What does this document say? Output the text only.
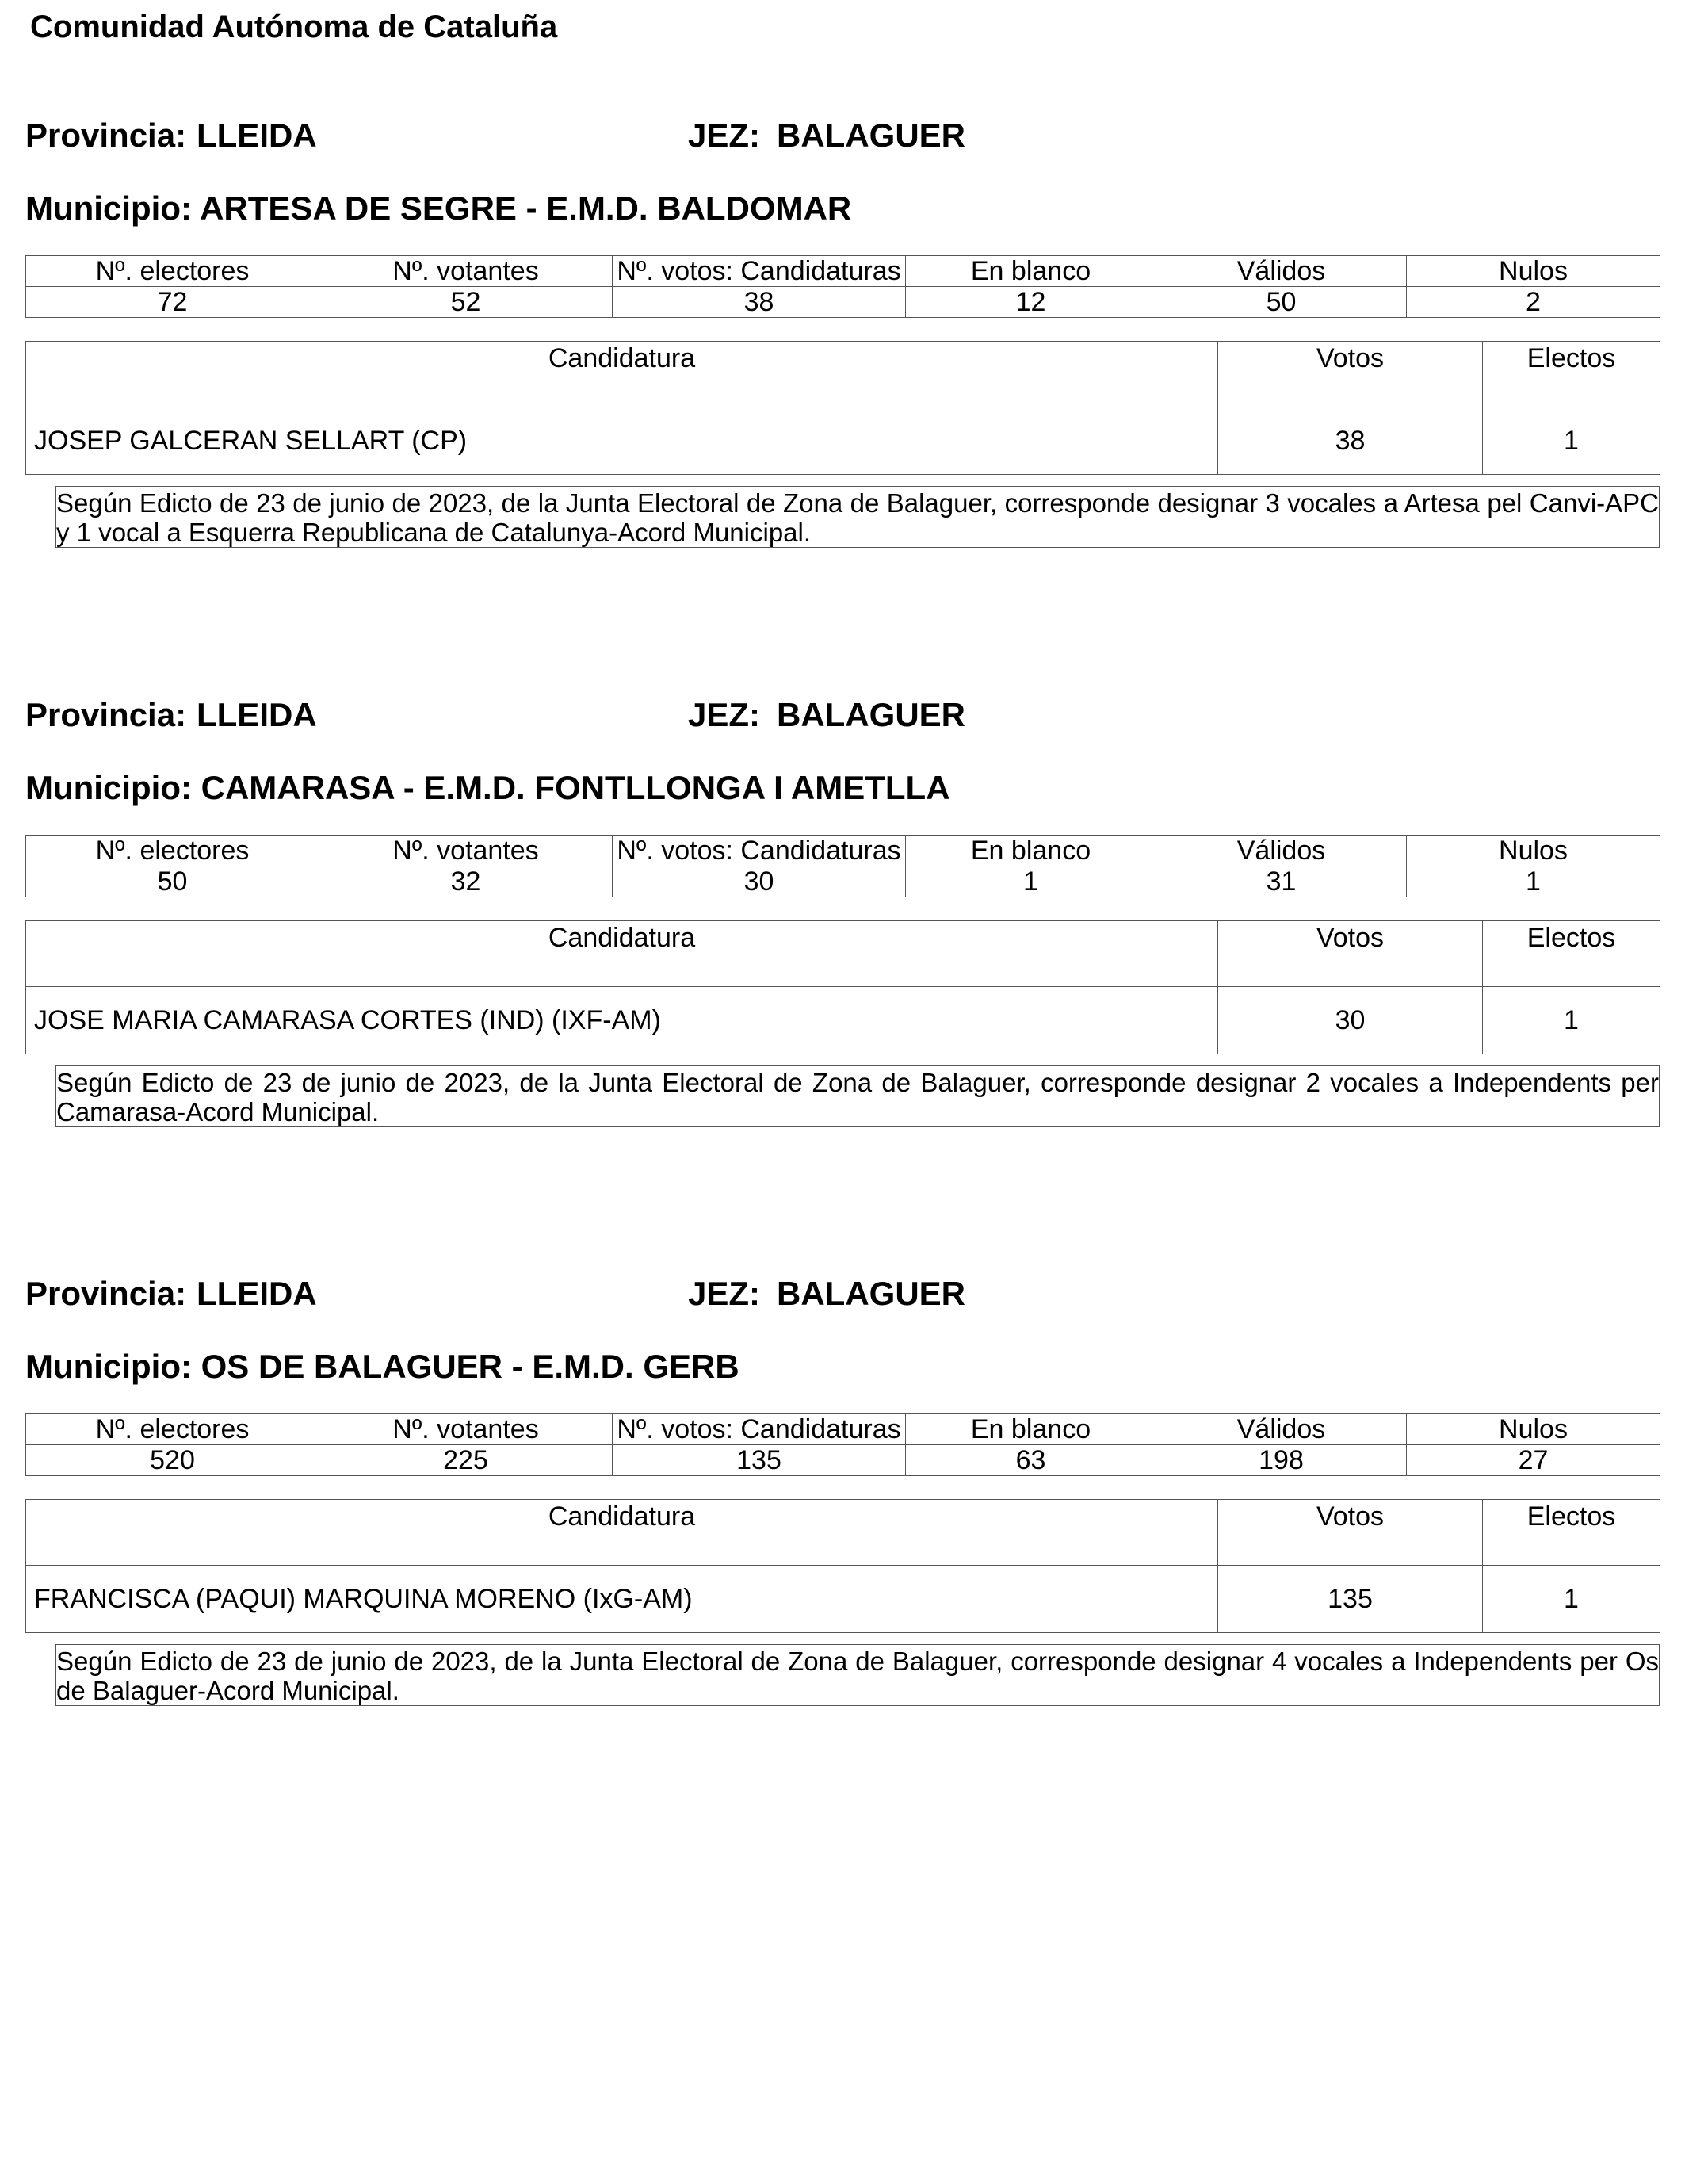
Comunidad Autónoma de Cataluña
Provincia: LLEIDA	JEZ: BALAGUER
Municipio: ARTESA DE SEGRE - E.M.D. BALDOMAR
Nº. electores	Nº. votantes	Nº. votos: Candidaturas	En blanco	Válidos	Nulos
72	52	38	12	50	2
Candidatura	Votos	Electos
JOSEP GALCERAN SELLART (CP)	38	1
Según Edicto de 23 de junio de 2023, de la Junta Electoral de Zona de Balaguer, corresponde designar 3 vocales a Artesa pel Canvi-APC y 1 vocal a Esquerra Republicana de Catalunya-Acord Municipal.
Provincia: LLEIDA	JEZ: BALAGUER
Municipio: CAMARASA - E.M.D. FONTLLONGA I AMETLLA
Nº. electores	Nº. votantes	Nº. votos: Candidaturas	En blanco	Válidos	Nulos
50	32	30	1	31	1
Candidatura	Votos	Electos
JOSE MARIA CAMARASA CORTES (IND) (IXF-AM)	30	1
Según Edicto de 23 de junio de 2023, de la Junta Electoral de Zona de Balaguer, corresponde designar 2 vocales a Independents per Camarasa-Acord Municipal.
Provincia: LLEIDA	JEZ: BALAGUER
Municipio: OS DE BALAGUER - E.M.D. GERB
Nº. electores	Nº. votantes	Nº. votos: Candidaturas	En blanco	Válidos	Nulos
520	225	135	63	198	27
Candidatura	Votos	Electos
FRANCISCA (PAQUI) MARQUINA MORENO (IxG-AM)	135	1
Según Edicto de 23 de junio de 2023, de la Junta Electoral de Zona de Balaguer, corresponde designar 4 vocales a Independents per Os de Balaguer-Acord Municipal.
